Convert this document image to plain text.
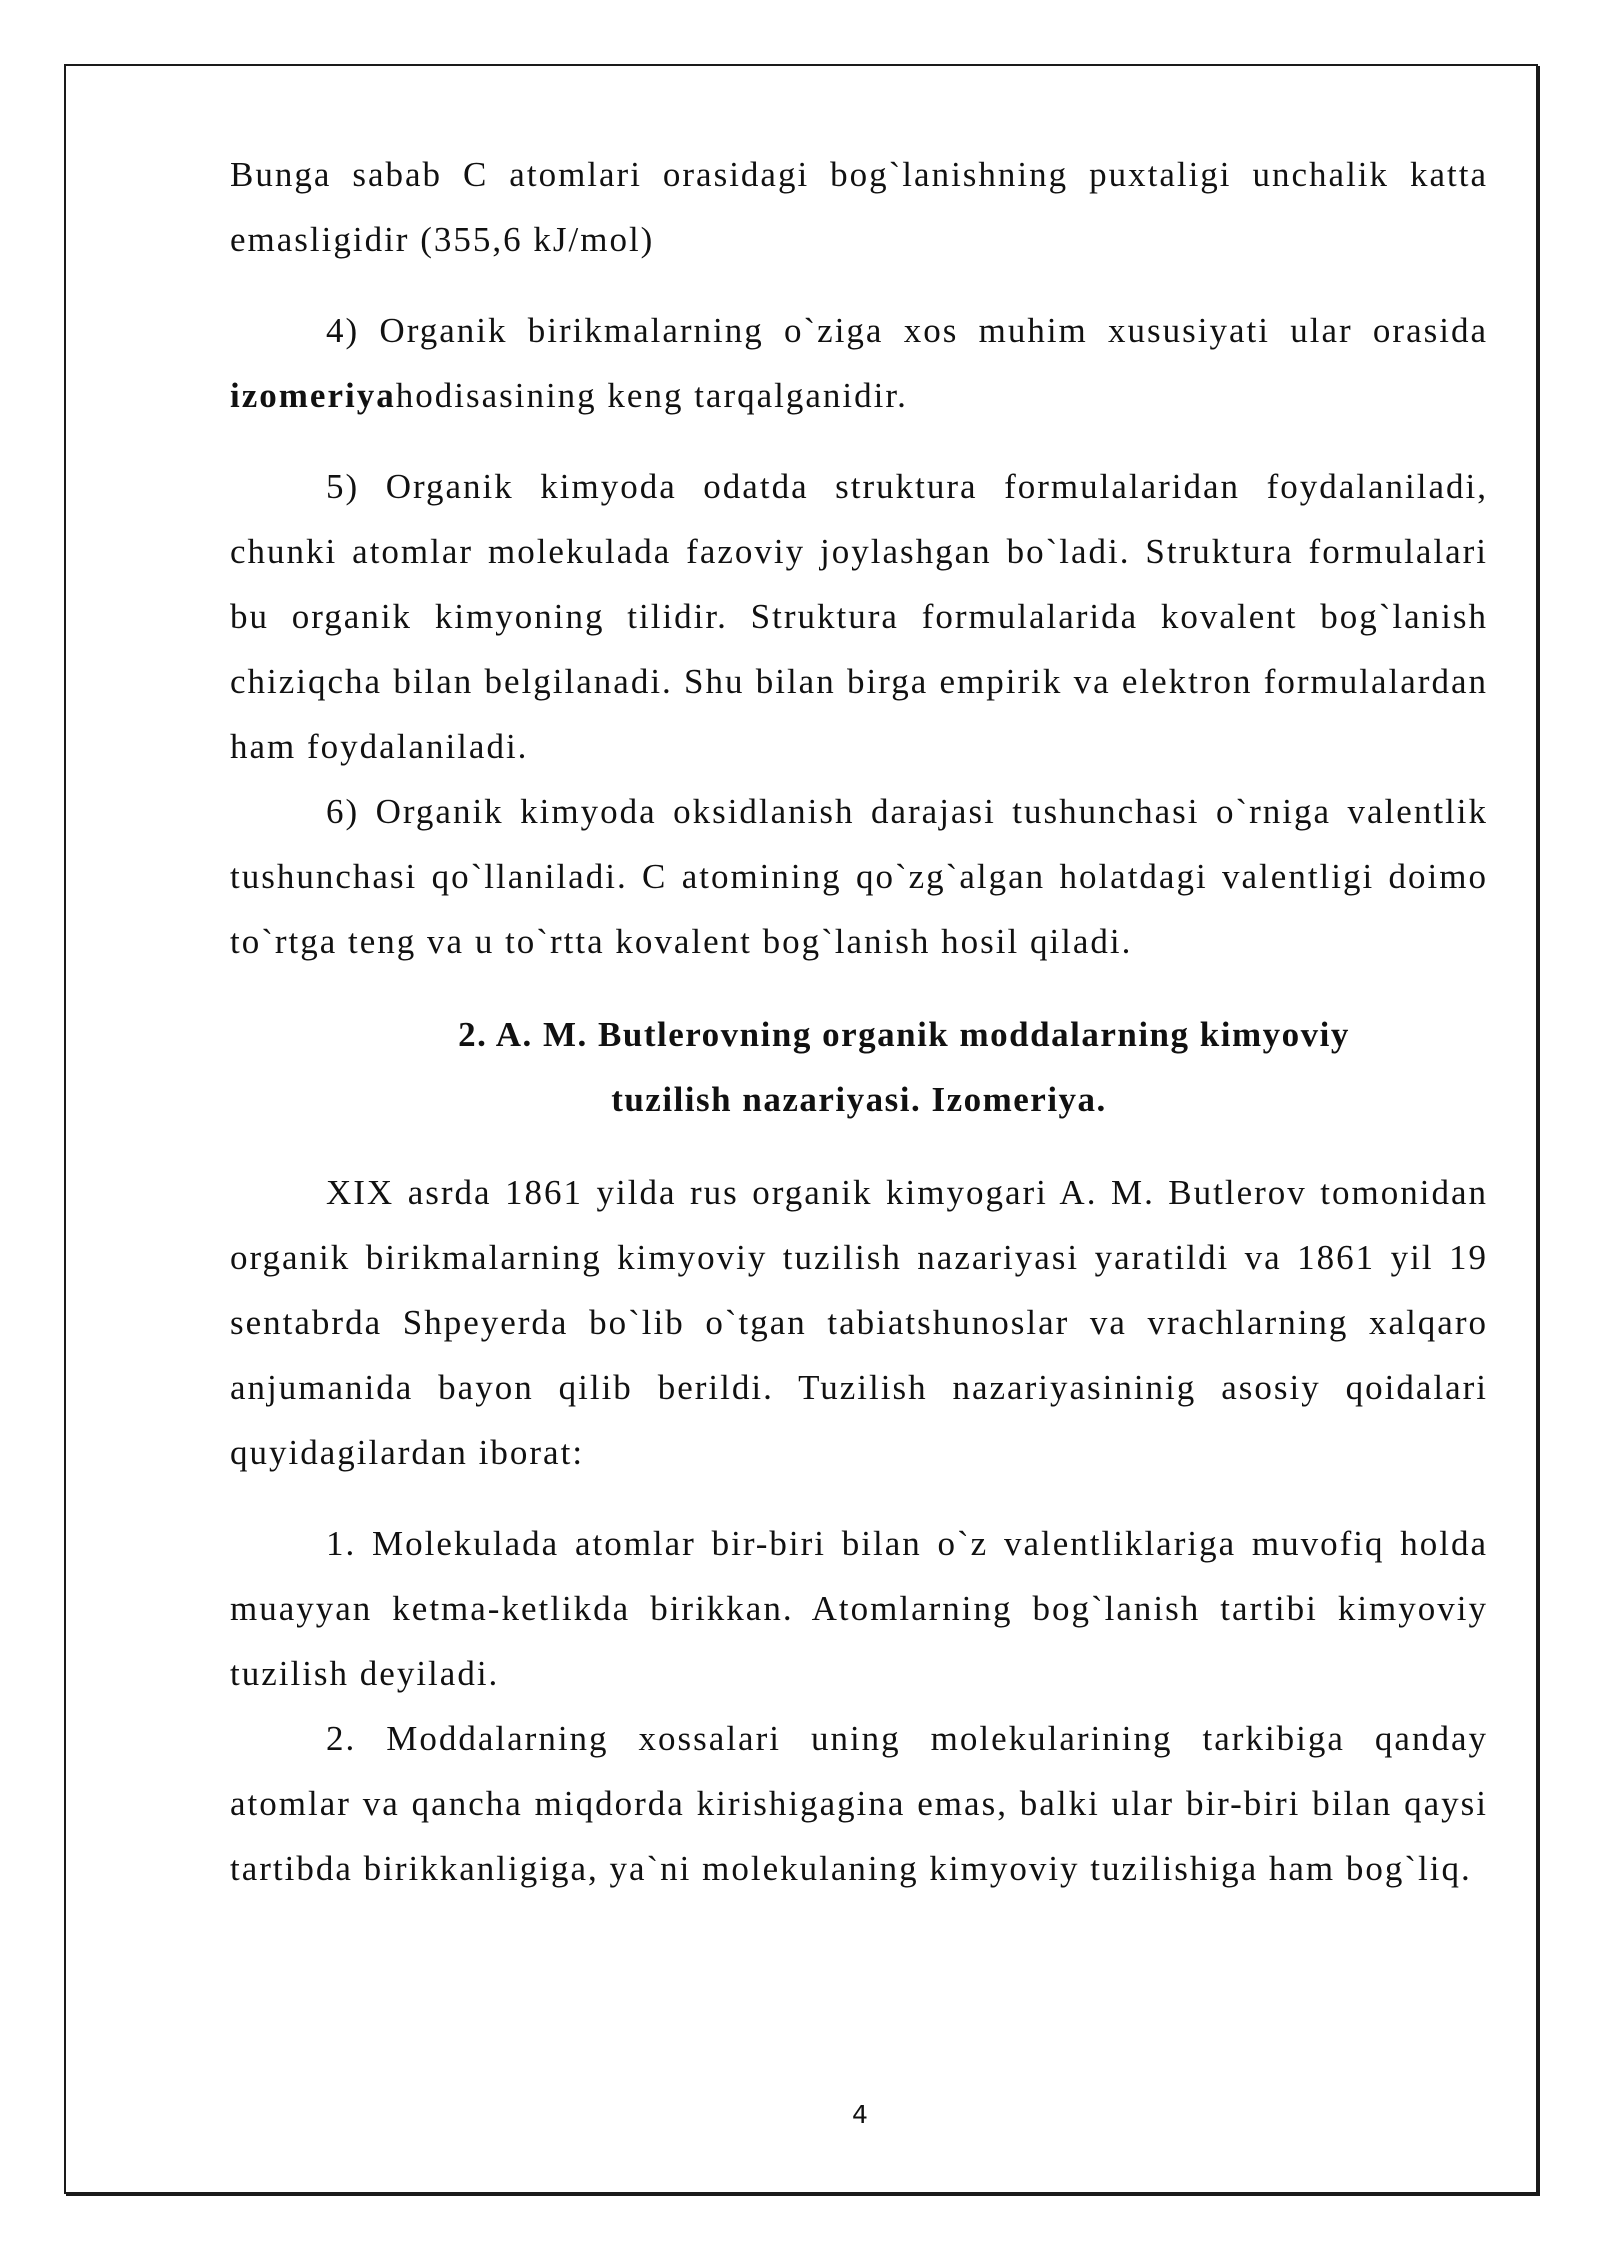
Bunga sabab C atomlari orasidagi bog`lanishning puxtaligi unchalik katta emasligidir (355,6 kJ/mol)

4) Organik birikmalarning o`ziga xos muhim xususiyati ular orasida izomeriyahodisasining keng tarqalganidir.

5) Organik kimyoda odatda struktura formulalaridan foydalaniladi, chunki atomlar molekulada fazoviy joylashgan bo`ladi. Struktura formulalari bu organik kimyoning tilidir. Struktura formulalarida kovalent bog`lanish chiziqcha bilan belgilanadi. Shu bilan birga empirik va elektron formulalardan ham foydalaniladi.

6) Organik kimyoda oksidlanish darajasi tushunchasi o`rniga valentlik tushunchasi qo`llaniladi. C atomining qo`zg`algan holatdagi valentligi doimo to`rtga teng va u to`rtta kovalent bog`lanish hosil qiladi.

2. A. M. Butlerovning organik moddalarning kimyoviy
tuzilish nazariyasi. Izomeriya.

XIX asrda 1861 yilda rus organik kimyogari A. M. Butlerov tomonidan organik birikmalarning kimyoviy tuzilish nazariyasi yaratildi va 1861 yil 19 sentabrda Shpeyerda bo`lib o`tgan tabiatshunoslar va vrachlarning xalqaro anjumanida bayon qilib berildi. Tuzilish nazariyasininig asosiy qoidalari quyidagilardan iborat:

1. Molekulada atomlar bir-biri bilan o`z valentliklariga muvofiq holda muayyan ketma-ketlikda birikkan. Atomlarning bog`lanish tartibi kimyoviy tuzilish deyiladi.

2. Moddalarning xossalari uning molekularining tarkibiga qanday atomlar va qancha miqdorda kirishigagina emas, balki ular bir-biri bilan qaysi tartibda birikkanligiga, ya`ni molekulaning kimyoviy tuzilishiga ham bog`liq.

4
